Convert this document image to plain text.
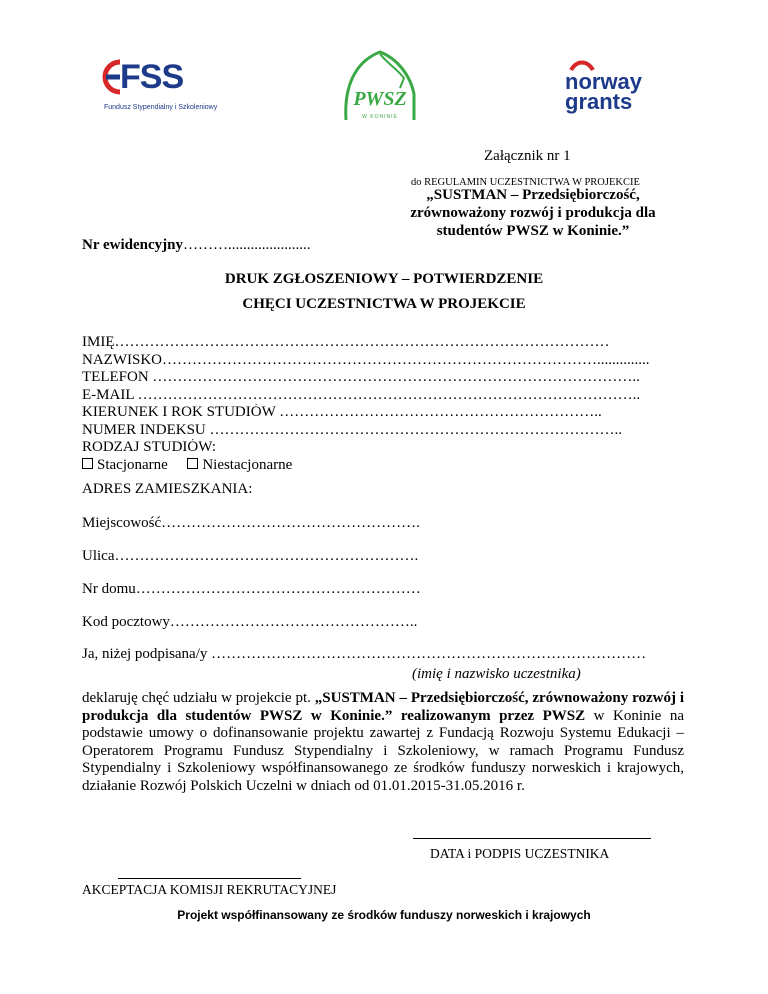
FSS
Fundusz Stypendialny i Szkoleniowy	PWSZ
W KONINIE
norway
grants
Załącznik nr 1
do REGULAMIN UCZESTNICTWA W PROJEKCIE
„SUSTMAN – Przedsiębiorczość, zrównoważony rozwój i produkcja dla studentów PWSZ w Koninie.”
Nr ewidencyjny………......................
DRUK ZGŁOSZENIOWY – POTWIERDZENIE
CHĘCI UCZESTNICTWA W PROJEKCIE
IMIĘ………………………………………………………………………………………
NAZWISKO……………………………………………………………………………..............
TELEFON ……………………………………………………………………………………..
E-MAIL ………………………………………………………………………………………..
KIERUNEK I ROK STUDIÓW ………………………………………………………..
NUMER INDEKSU ………………………………………………………………………..
RODZAJ STUDIÓW:
Stacjonarne Niestacjonarne
ADRES ZAMIESZKANIA:
Miejscowość…………………………………………….
Ulica…………………………………………………….
Nr domu…………………………………………………
Kod pocztowy…………………………………………..
Ja, niżej podpisana/y ……………………………………………………………………………
(imię i nazwisko uczestnika)
deklaruję chęć udziału w projekcie pt. „SUSTMAN – Przedsiębiorczość, zrównoważony rozwój i produkcja dla studentów PWSZ w Koninie.” realizowanym przez PWSZ w Koninie na podstawie umowy o dofinansowanie projektu zawartej z Fundacją Rozwoju Systemu Edukacji – Operatorem Programu Fundusz Stypendialny i Szkoleniowy, w ramach Programu Fundusz Stypendialny i Szkoleniowy współfinansowanego ze środków funduszy norweskich i krajowych, działanie Rozwój Polskich Uczelni w dniach od 01.01.2015-31.05.2016 r.
DATA i PODPIS UCZESTNIKA
AKCEPTACJA KOMISJI REKRUTACYJNEJ
Projekt współfinansowany ze środków funduszy norweskich i krajowych
